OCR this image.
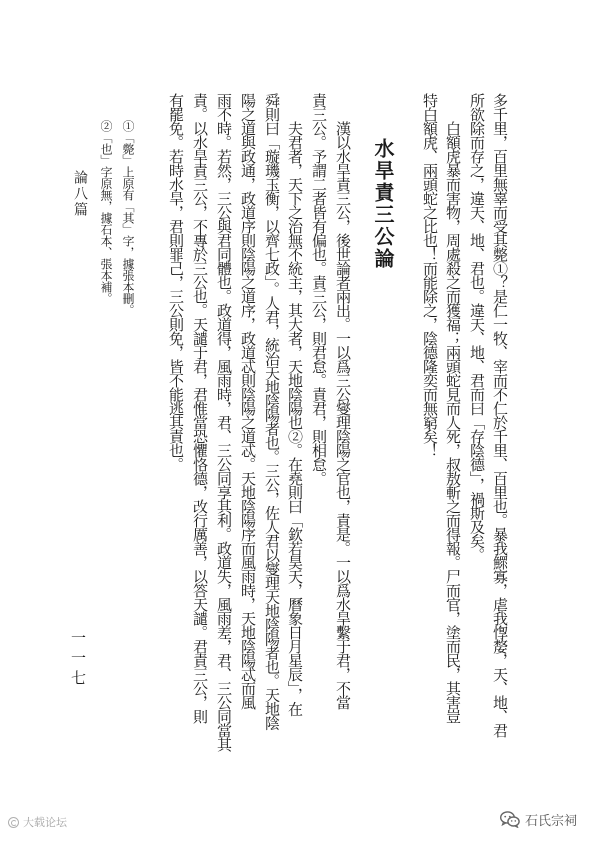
多千里，百里無辜而受其斃①？是仁一牧、宰而不仁於千里、百里也。暴我鰥寡，虐我惸嫠，天、地、君
所欲除而存之，違天、地、君也。違天、地、君而曰「存陰德」，禍斯及矣。
白額虎暴而害物，周處殺之而獲福；兩頭蛇見而人死，叔敖斬之而得報。尸而官，塗而民，其害豈
特白額虎、兩頭蛇之比也！而能除之，陰德隆奕而無窮矣！
水旱責三公論
漢以水旱責三公，後世論者兩出。一以爲三公燮理陰陽之官也，責是。一以爲水旱繫于君，不當
責三公。予謂二者皆有偏也。責三公，則君怠。責君，則相怠。
夫君者，天下之治無不統主，其大者，天地陰陽也②。在堯則曰「欽若昊天，曆象日月星辰」，在
舜則曰「璇璣玉衡，以齊七政」。人君，統治天地陰陽者也。三公，佐人君以燮理天地陰陽者也。天地陰
陽之道與政通，政道序則陰陽之道序，政道忒則陰陽之道忒。天地陰陽序而風雨時，天地陰陽忒而風
雨不時。若然，三公與君同體也。政道得，風雨時，君、三公同享其利。政道失，風雨差，君、三公同當其
責。以水旱責三公，不專於三公也。天譴于君，君惟當恐懼恪德，改行厲善，以答天譴。君責三公，則
有罷免。若時水旱，君則罪己，三公則免，皆不能逃其責也。
①「斃」上原有「其」字，據張本刪。
②「也」字原無，據石本、張本補。
論八篇
一一七
大载论坛	石氏宗祠
